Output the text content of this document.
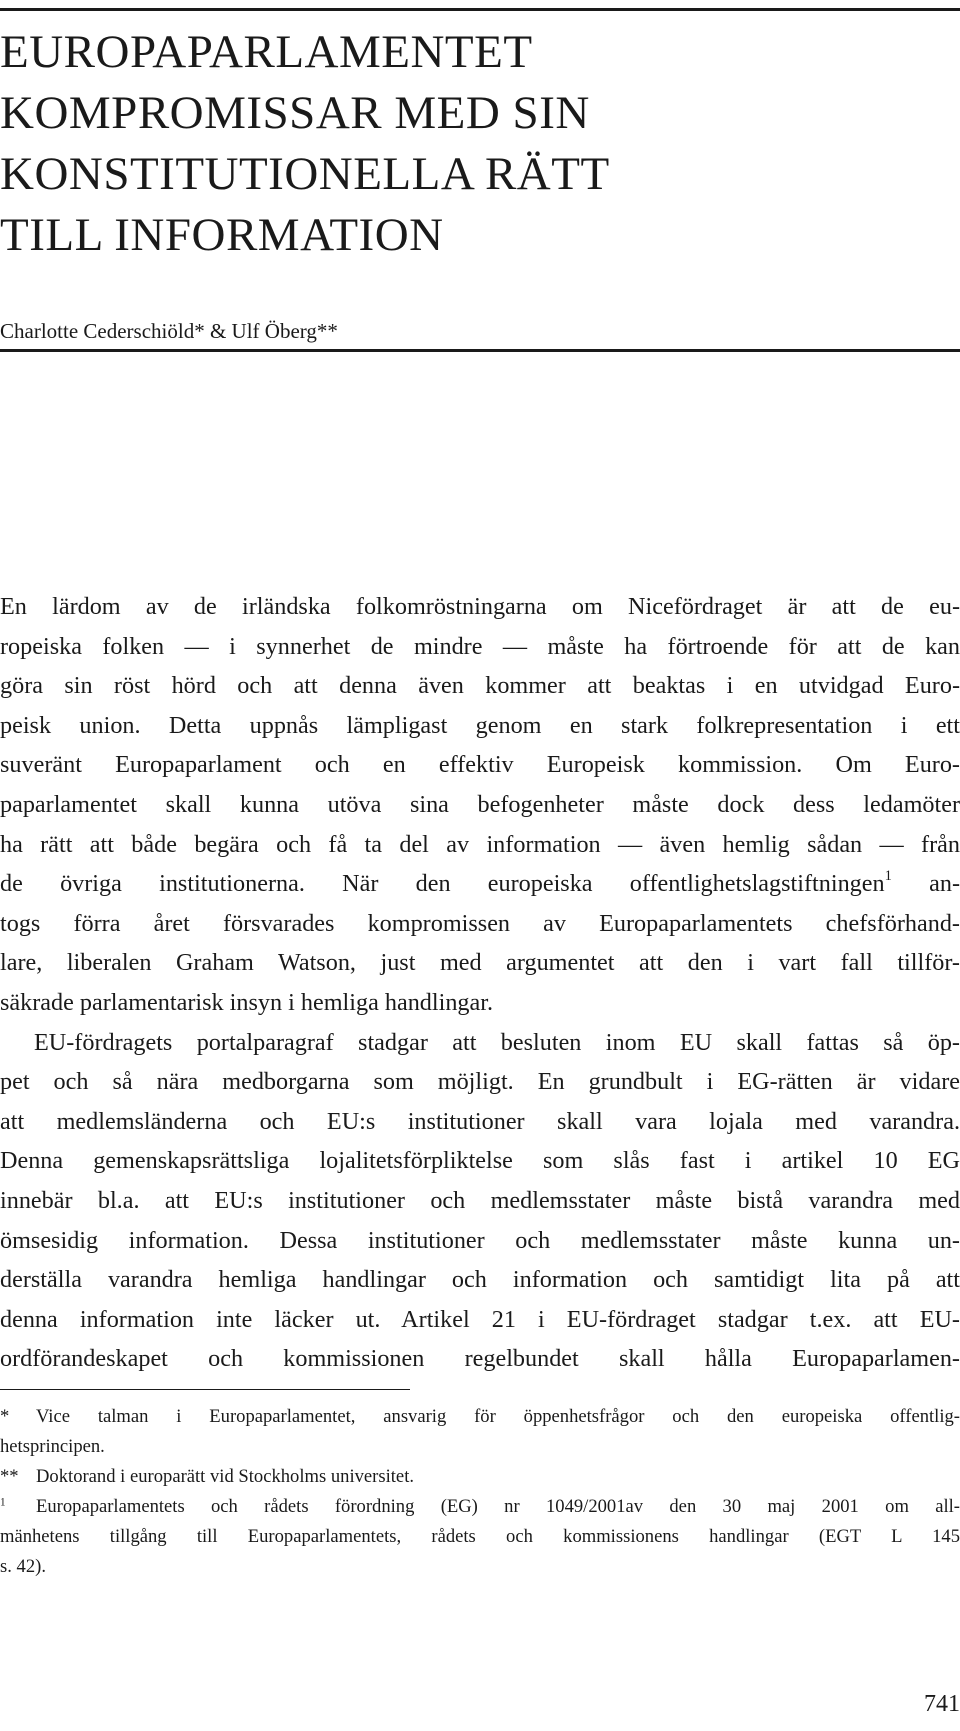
EUROPAPARLAMENTET
KOMPROMISSAR MED SIN
KONSTITUTIONELLA RÄTT
TILL INFORMATION
Charlotte Cederschiöld* & Ulf Öberg**
En lärdom av de irländska folkomröstningarna om Nicefördraget är att de eu-
ropeiska folken — i synnerhet de mindre — måste ha förtroende för att de kan
göra sin röst hörd och att denna även kommer att beaktas i en utvidgad Euro-
peisk union. Detta uppnås lämpligast genom en stark folkrepresentation i ett
suveränt Europaparlament och en effektiv Europeisk kommission. Om Euro-
paparlamentet skall kunna utöva sina befogenheter måste dock dess ledamöter
ha rätt att både begära och få ta del av information — även hemlig sådan — från
de övriga institutionerna. När den europeiska offentlighetslagstiftningen$^1$ an-
togs förra året försvarades kompromissen av Europaparlamentets chefsförhand-
lare, liberalen Graham Watson, just med argumentet att den i vart fall tillför-
säkrade parlamentarisk insyn i hemliga handlingar.
EU-fördragets portalparagraf stadgar att besluten inom EU skall fattas så öp-
pet och så nära medborgarna som möjligt. En grundbult i EG-rätten är vidare
att medlemsländerna och EU:s institutioner skall vara lojala med varandra.
Denna gemenskapsrättsliga lojalitetsförpliktelse som slås fast i artikel 10 EG
innebär bl.a. att EU:s institutioner och medlemsstater måste bistå varandra med
ömsesidig information. Dessa institutioner och medlemsstater måste kunna un-
derställa varandra hemliga handlingar och information och samtidigt lita på att
denna information inte läcker ut. Artikel 21 i EU-fördraget stadgar t.ex. att EU-
ordförandeskapet och kommissionen regelbundet skall hålla Europaparlamen-
* Vice talman i Europaparlamentet, ansvarig för öppenhetsfrågor och den europeiska offentlig-
hetsprincipen.
** Doktorand i europarätt vid Stockholms universitet.
$^1$ Europaparlamentets och rådets förordning (EG) nr 1049/2001av den 30 maj 2001 om all-
mänhetens tillgång till Europaparlamentets, rådets och kommissionens handlingar (EGT L 145
s. 42).
741
